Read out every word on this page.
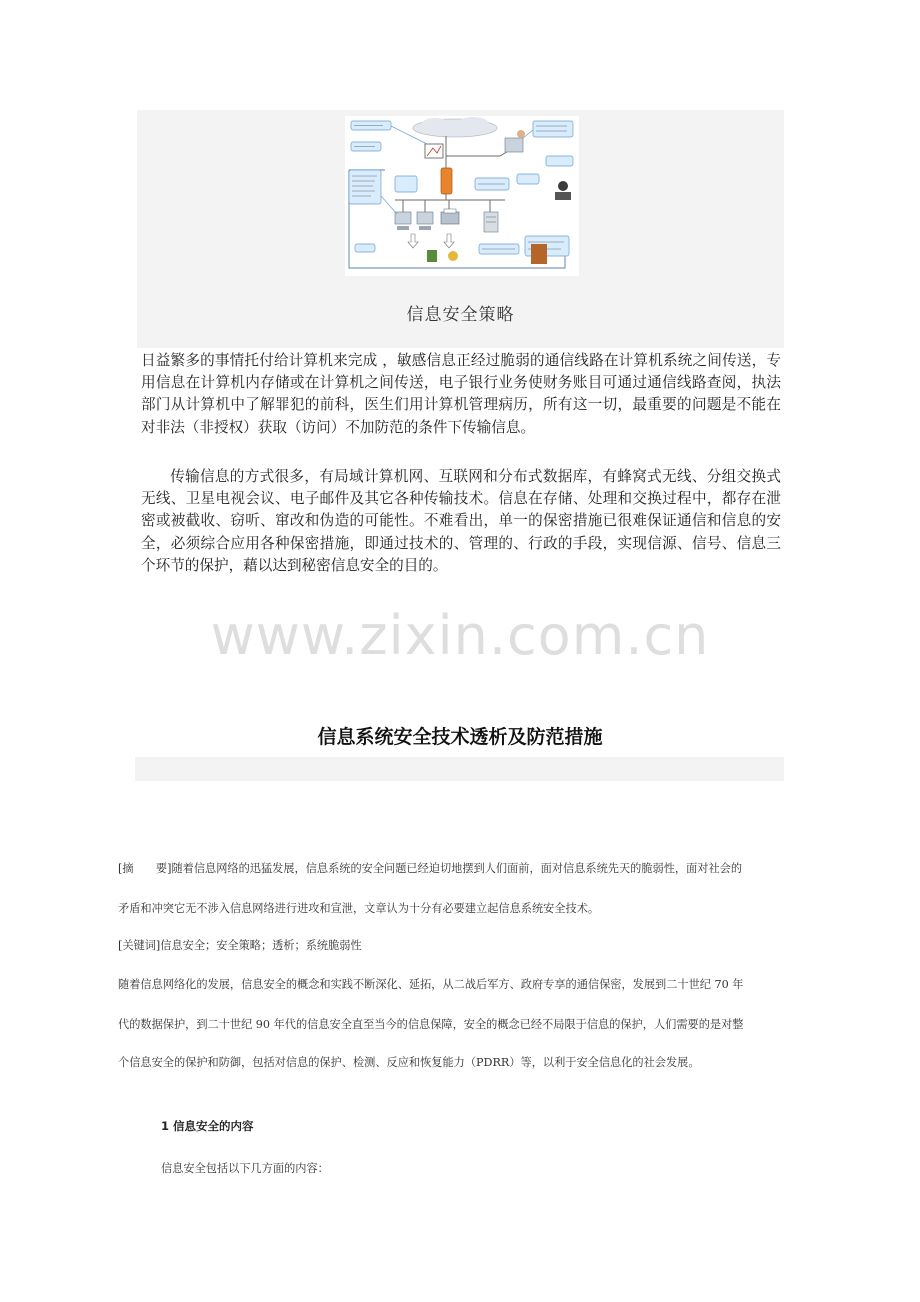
信息安全策略

日益繁多的事情托付给计算机来完成 ，敏感信息正经过脆弱的通信线路在计算机系统之间传送，专用信息在计算机内存储或在计算机之间传送，电子银行业务使财务账目可通过通信线路查阅，执法部门从计算机中了解罪犯的前科，医生们用计算机管理病历，所有这一切，最重要的问题是不能在对非法（非授权）获取（访问）不加防范的条件下传输信息。

传输信息的方式很多，有局域计算机网、互联网和分布式数据库，有蜂窝式无线、分组交换式无线、卫星电视会议、电子邮件及其它各种传输技术。信息在存储、处理和交换过程中，都存在泄密或被截收、窃听、窜改和伪造的可能性。不难看出，单一的保密措施已很难保证通信和信息的安全，必须综合应用各种保密措施，即通过技术的、管理的、行政的手段，实现信源、信号、信息三个环节的保护，藉以达到秘密信息安全的目的。

www.zixin.com.cn
信息系统安全技术透析及防范措施

[摘　　要]随着信息网络的迅猛发展，信息系统的安全问题已经迫切地摆到人们面前，面对信息系统先天的脆弱性，面对社会的

矛盾和冲突它无不涉入信息网络进行进攻和宣泄，文章认为十分有必要建立起信息系统安全技术。

[关键词]信息安全；安全策略；透析；系统脆弱性

随着信息网络化的发展，信息安全的概念和实践不断深化、延拓，从二战后军方、政府专享的通信保密，发展到二十世纪 70 年

代的数据保护，到二十世纪 90 年代的信息安全直至当今的信息保障，安全的概念已经不局限于信息的保护，人们需要的是对整

个信息安全的保护和防御，包括对信息的保护、检测、反应和恢复能力（PDRR）等，以利于安全信息化的社会发展。

1 信息安全的内容
信息安全包括以下几方面的内容：
